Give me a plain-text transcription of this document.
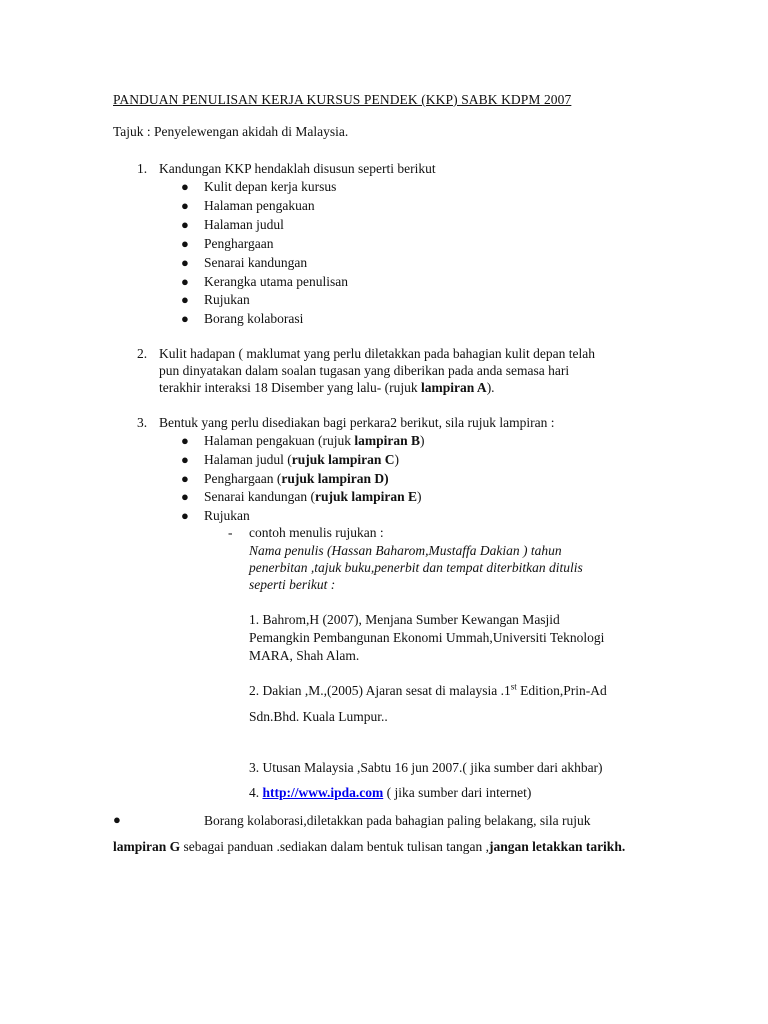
PANDUAN PENULISAN KERJA KURSUS PENDEK (KKP) SABK KDPM 2007
Tajuk : Penyelewengan akidah di Malaysia.
1. Kandungan KKP hendaklah disusun seperti berikut
● Kulit depan kerja kursus
● Halaman pengakuan
● Halaman judul
● Penghargaan
● Senarai kandungan
● Kerangka utama penulisan
● Rujukan
● Borang kolaborasi
2. Kulit hadapan ( maklumat yang perlu diletakkan pada bahagian kulit depan telah
pun dinyatakan dalam soalan tugasan yang diberikan pada anda semasa hari
terakhir interaksi 18 Disember yang lalu- (rujuk lampiran A).
3. Bentuk yang perlu disediakan bagi perkara2 berikut, sila rujuk lampiran :
● Halaman pengakuan (rujuk lampiran B)
● Halaman judul (rujuk lampiran C)
● Penghargaan (rujuk lampiran D)
● Senarai kandungan (rujuk lampiran E)
● Rujukan
- contoh menulis rujukan :
Nama penulis (Hassan Baharom,Mustaffa Dakian ) tahun
penerbitan ,tajuk buku,penerbit dan tempat diterbitkan ditulis
seperti berikut :
1. Bahrom,H (2007), Menjana Sumber Kewangan Masjid
Pemangkin Pembangunan Ekonomi Ummah,Universiti Teknologi
MARA, Shah Alam.
2. Dakian ,M.,(2005) Ajaran sesat di malaysia .1st Edition,Prin-Ad
Sdn.Bhd. Kuala Lumpur..
3. Utusan Malaysia ,Sabtu 16 jun 2007.( jika sumber dari akhbar)
4. http://www.ipda.com ( jika sumber dari internet)
●	Borang kolaborasi,diletakkan pada bahagian paling belakang, sila rujuk
lampiran G sebagai panduan .sediakan dalam bentuk tulisan tangan ,jangan letakkan tarikh.
